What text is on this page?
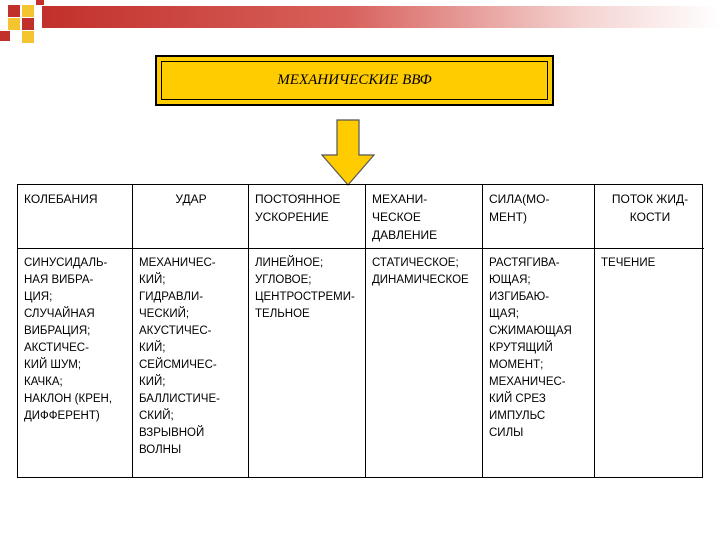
МЕХАНИЧЕСКИЕ ВВФ
КОЛЕБАНИЯ	УДАР	ПОСТОЯННОЕ
УСКОРЕНИЕ
МЕХАНИ-
ЧЕСКОЕ
ДАВЛЕНИЕ
СИЛА(МО-
МЕНТ)
ПОТОК ЖИД-
КОСТИ
СИНУСИДАЛЬ-
НАЯ ВИБРА-
ЦИЯ;
СЛУЧАЙНАЯ
ВИБРАЦИЯ;
АКСТИЧЕС-
КИЙ ШУМ;
КАЧКА;
НАКЛОН (КРЕН,
ДИФФЕРЕНТ)
МЕХАНИЧЕС-
КИЙ;
ГИДРАВЛИ-
ЧЕСКИЙ;
АКУСТИЧЕС-
КИЙ;
СЕЙСМИЧЕС-
КИЙ;
БАЛЛИСТИЧЕ-
СКИЙ;
ВЗРЫВНОЙ
ВОЛНЫ
ЛИНЕЙНОЕ;
УГЛОВОЕ;
ЦЕНТРОСТРЕМИ-
ТЕЛЬНОЕ
СТАТИЧЕСКОЕ;
ДИНАМИЧЕСКОЕ
РАСТЯГИВА-
ЮЩАЯ;
ИЗГИБАЮ-
ЩАЯ;
СЖИМАЮЩАЯ
КРУТЯЩИЙ
МОМЕНТ;
МЕХАНИЧЕС-
КИЙ СРЕЗ
ИМПУЛЬС
СИЛЫ
ТЕЧЕНИЕ
